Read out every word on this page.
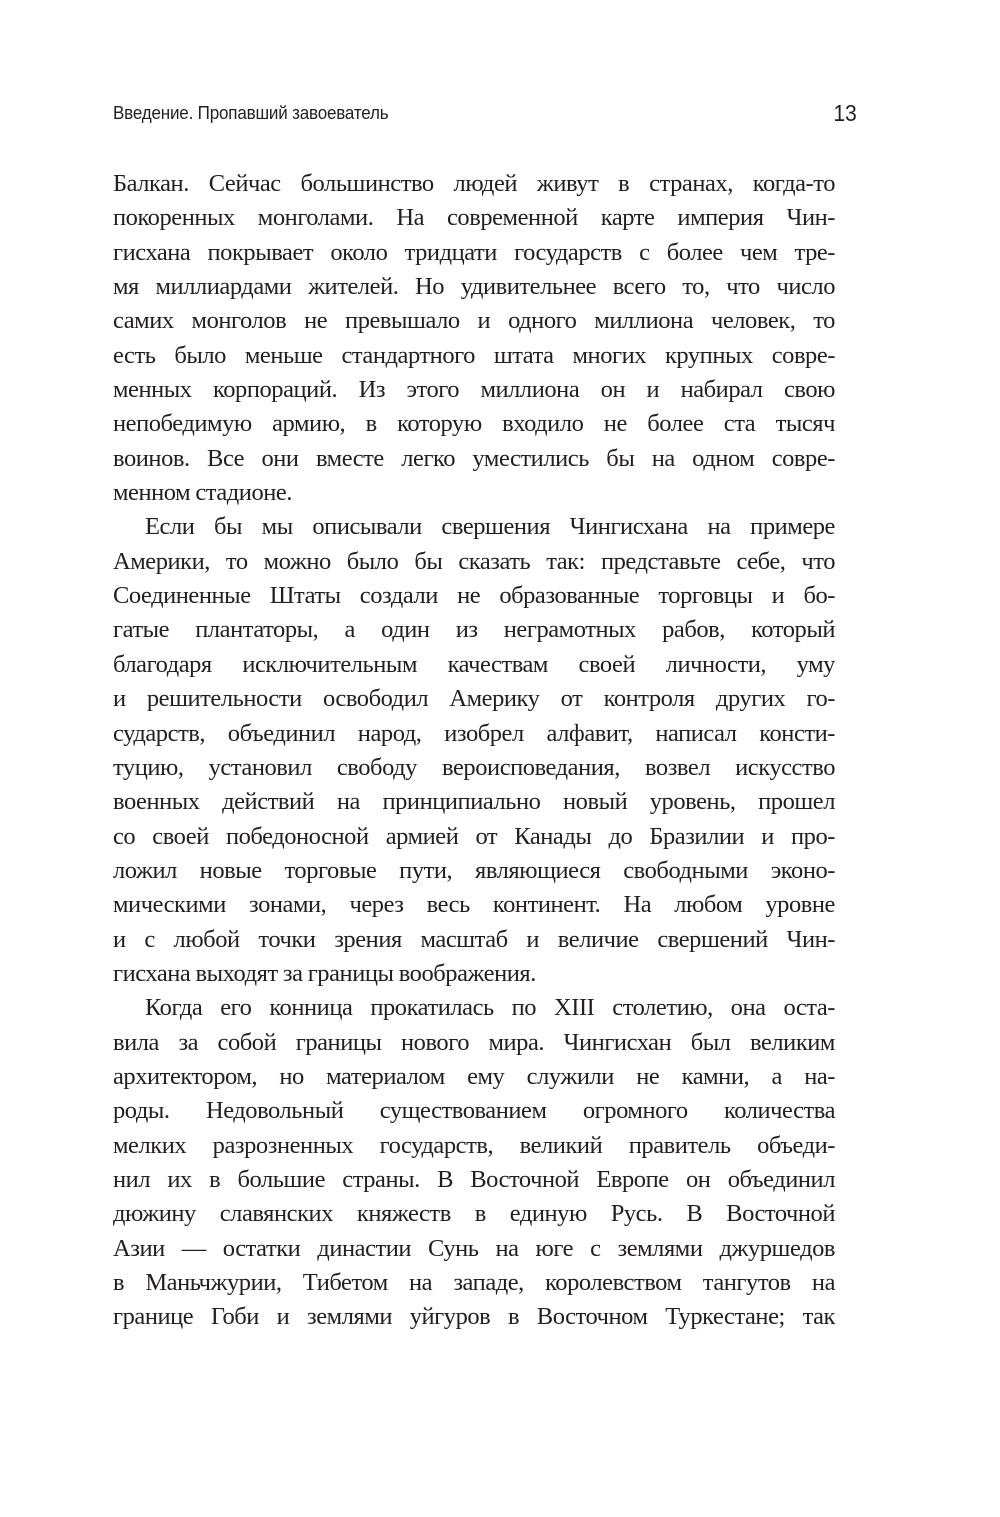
Введение. Пропавший завоеватель	13
Балкан. Сейчас большинство людей живут в странах, когда-то
покоренных монголами. На современной карте империя Чин-
гисхана покрывает около тридцати государств с более чем тре-
мя миллиардами жителей. Но удивительнее всего то, что число
самих монголов не превышало и одного миллиона человек, то
есть было меньше стандартного штата многих крупных совре-
менных корпораций. Из этого миллиона он и набирал свою
непобедимую армию, в которую входило не более ста тысяч
воинов. Все они вместе легко уместились бы на одном совре-
менном стадионе.
Если бы мы описывали свершения Чингисхана на примере
Америки, то можно было бы сказать так: представьте себе, что
Соединенные Штаты создали не образованные торговцы и бо-
гатые плантаторы, а один из неграмотных рабов, который
благодаря исключительным качествам своей личности, уму
и решительности освободил Америку от контроля других го-
сударств, объединил народ, изобрел алфавит, написал консти-
туцию, установил свободу вероисповедания, возвел искусство
военных действий на принципиально новый уровень, прошел
со своей победоносной армией от Канады до Бразилии и про-
ложил новые торговые пути, являющиеся свободными эконо-
мическими зонами, через весь континент. На любом уровне
и с любой точки зрения масштаб и величие свершений Чин-
гисхана выходят за границы воображения.
Когда его конница прокатилась по XIII столетию, она оста-
вила за собой границы нового мира. Чингисхан был великим
архитектором, но материалом ему служили не камни, а на-
роды. Недовольный существованием огромного количества
мелких разрозненных государств, великий правитель объеди-
нил их в большие страны. В Восточной Европе он объединил
дюжину славянских княжеств в единую Русь. В Восточной
Азии — остатки династии Сунь на юге с землями джуршедов
в Маньчжурии, Тибетом на западе, королевством тангутов на
границе Гоби и землями уйгуров в Восточном Туркестане; так
